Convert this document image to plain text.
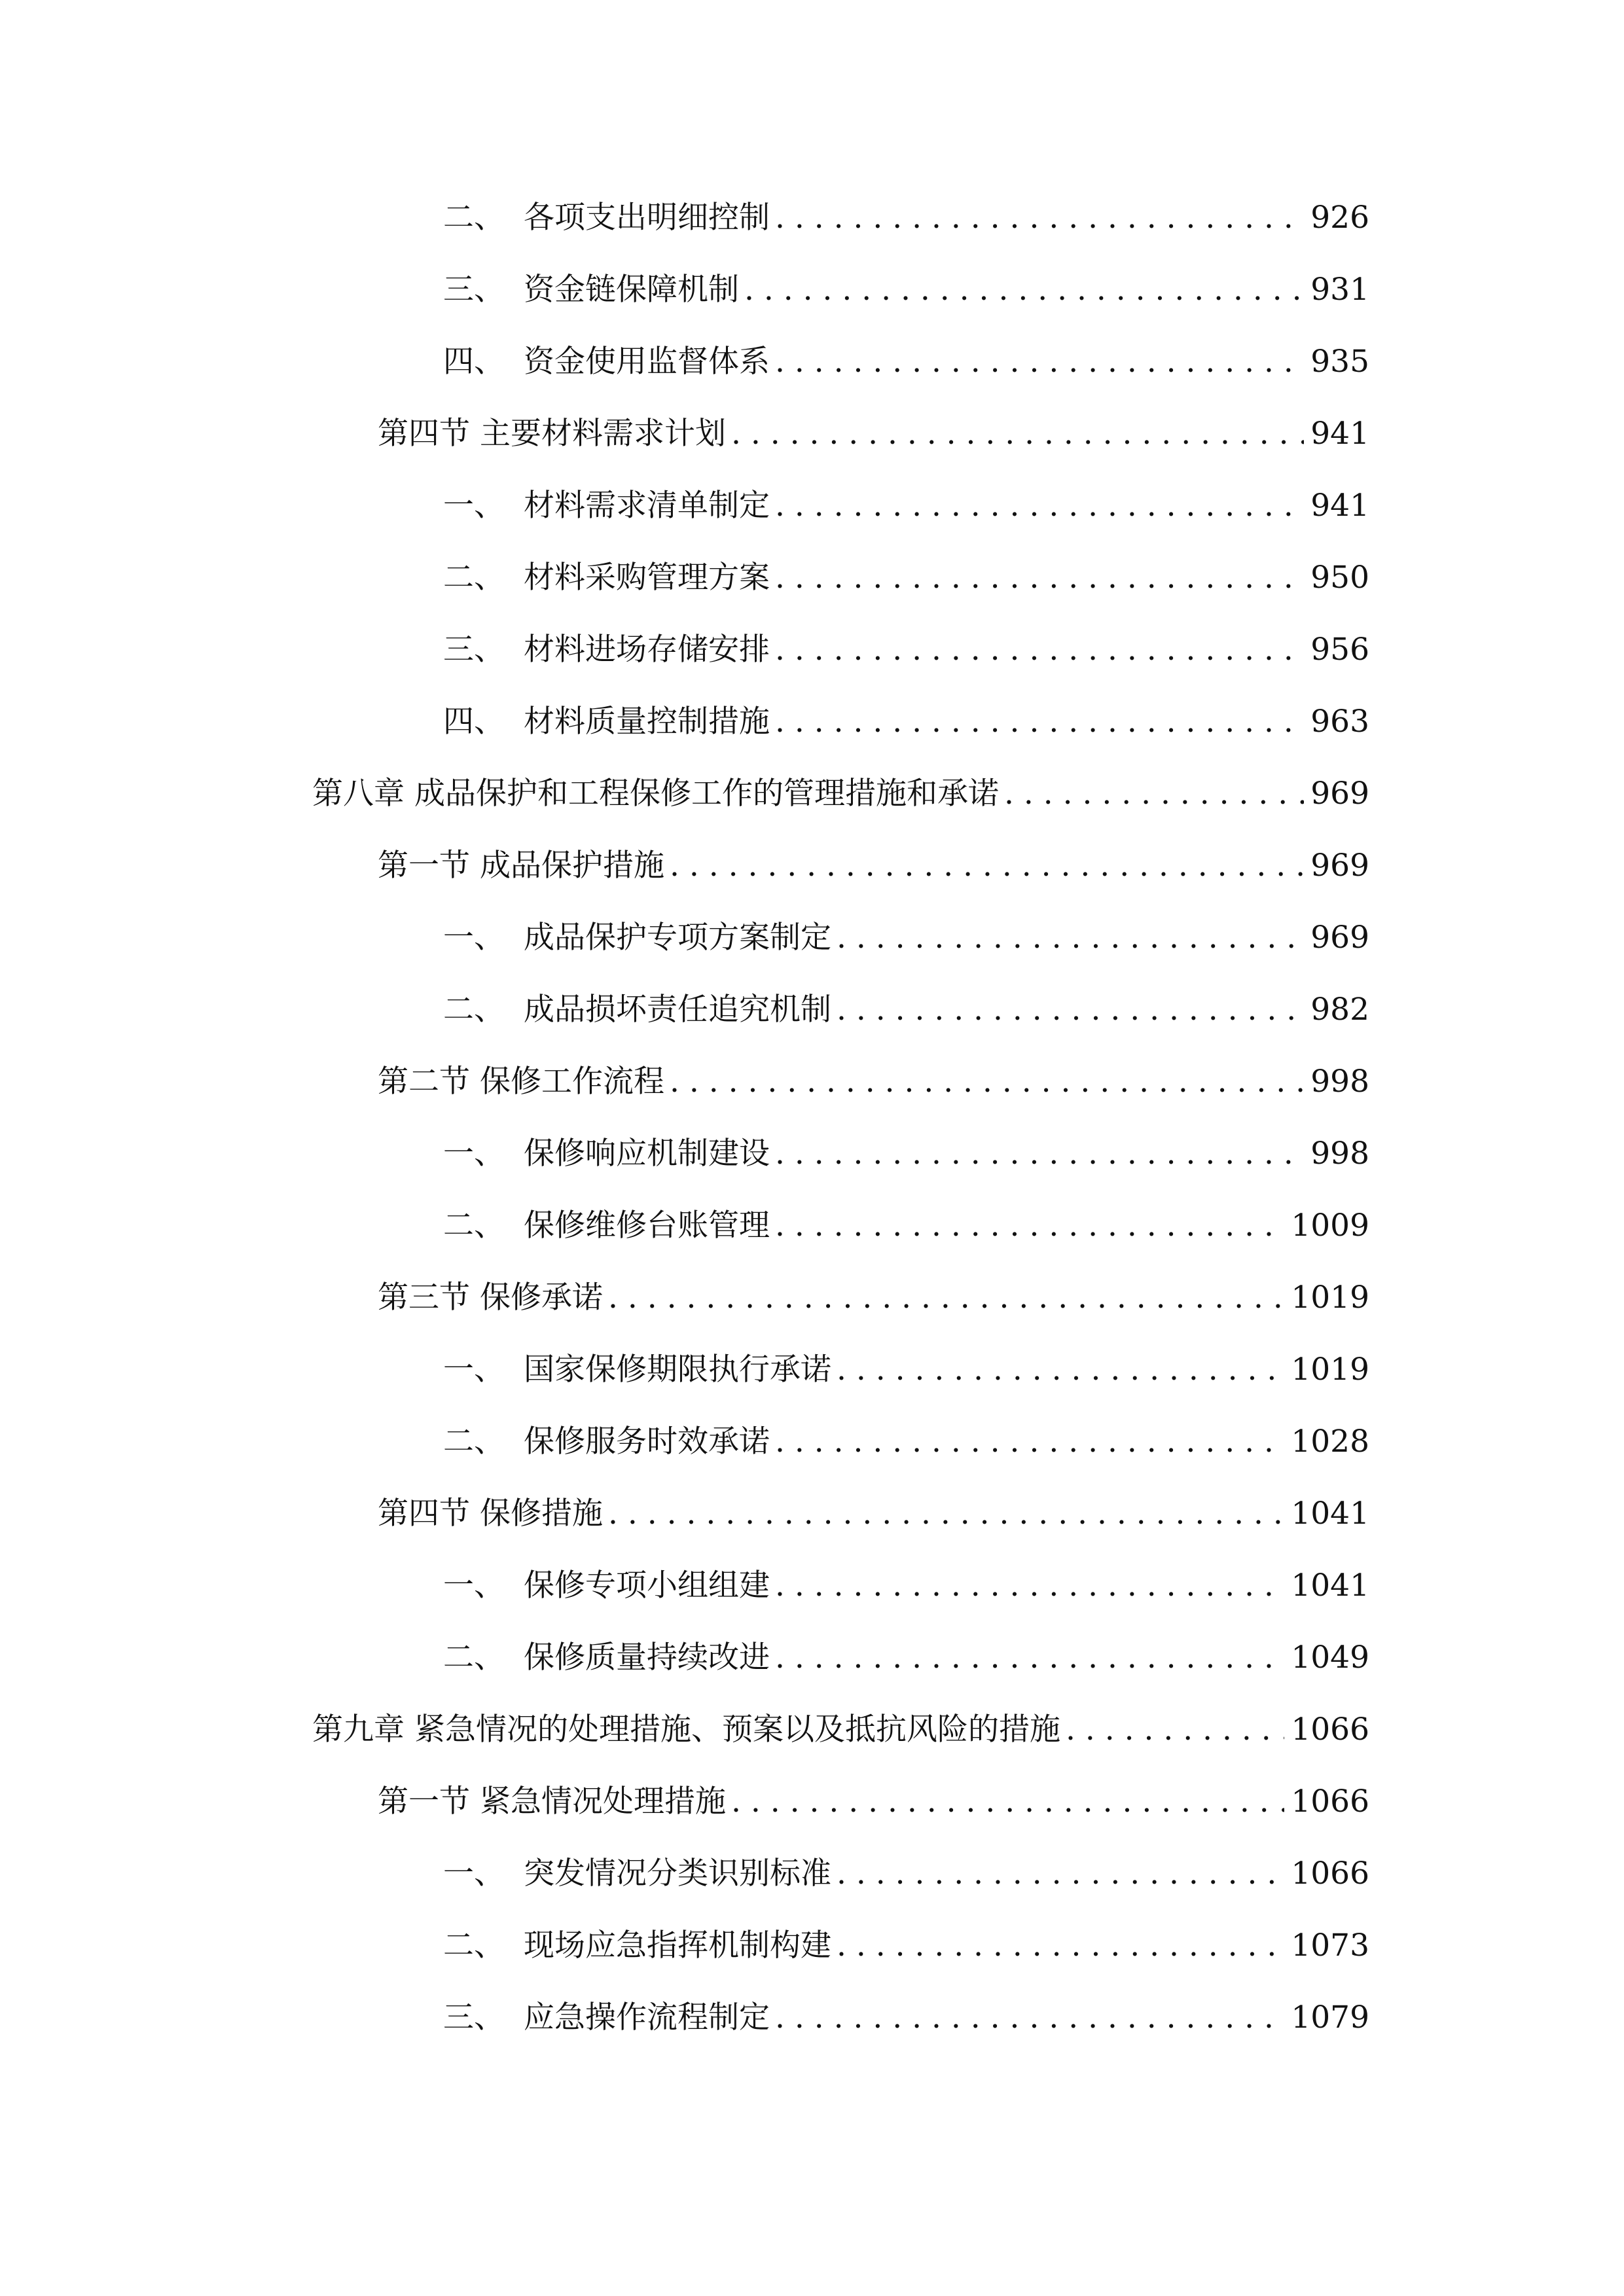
二、 各项支出明细控制 . . .	926
三、 资金链保障机制 . . .	931
四、 资金使用监督体系 . . .	935
第四节 主要材料需求计划 . . .	941
一、 材料需求清单制定 . . .	941
二、 材料采购管理方案 . . .	950
三、 材料进场存储安排 . . .	956
四、 材料质量控制措施 . . .	963
第八章 成品保护和工程保修工作的管理措施和承诺 . . .	969
第一节 成品保护措施 . . .	969
一、 成品保护专项方案制定 . . .	969
二、 成品损坏责任追究机制 . . .	982
第二节 保修工作流程 . . .	998
一、 保修响应机制建设 . . .	998
二、 保修维修台账管理 . . .	1009
第三节 保修承诺 . . .	1019
一、 国家保修期限执行承诺 . . .	1019
二、 保修服务时效承诺 . . .	1028
第四节 保修措施 . . .	1041
一、 保修专项小组组建 . . .	1041
二、 保修质量持续改进 . . .	1049
第九章 紧急情况的处理措施、预案以及抵抗风险的措施 . . .	1066
第一节 紧急情况处理措施 . . .	1066
一、 突发情况分类识别标准 . . .	1066
二、 现场应急指挥机制构建 . . .	1073
三、 应急操作流程制定 . . .	1079
